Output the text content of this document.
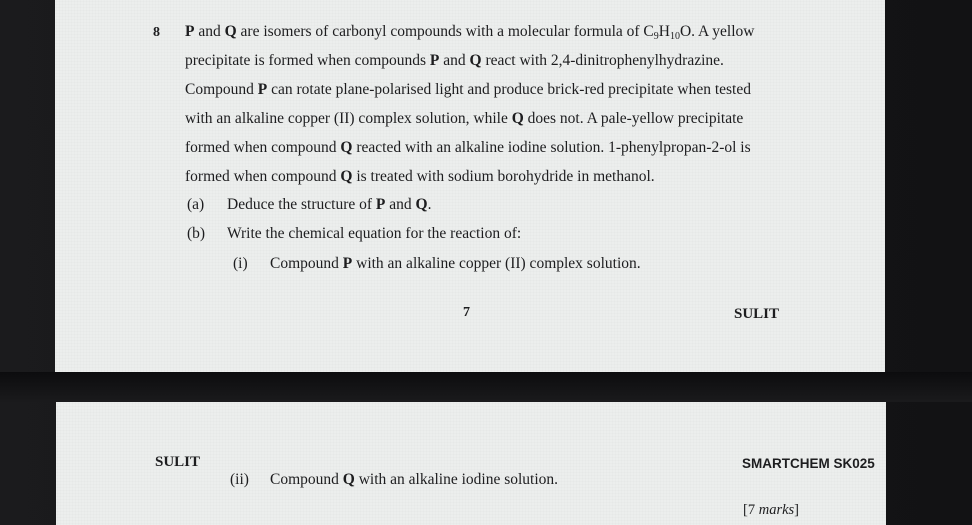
8 P and Q are isomers of carbonyl compounds with a molecular formula of $C_9H_{10}O$. A yellow
precipitate is formed when compounds P and Q react with 2,4-dinitrophenylhydrazine.
Compound P can rotate plane-polarised light and produce brick-red precipitate when tested
with an alkaline copper (II) complex solution, while Q does not. A pale-yellow precipitate
formed when compound Q reacted with an alkaline iodine solution. 1-phenylpropan-2-ol is
formed when compound Q is treated with sodium borohydride in methanol.
(a) Deduce the structure of P and Q.
(b) Write the chemical equation for the reaction of:
(i) Compound P with an alkaline copper (II) complex solution.
7	SULIT
SULIT	SMARTCHEM SK025
(ii) Compound Q with an alkaline iodine solution.
[7 marks]
